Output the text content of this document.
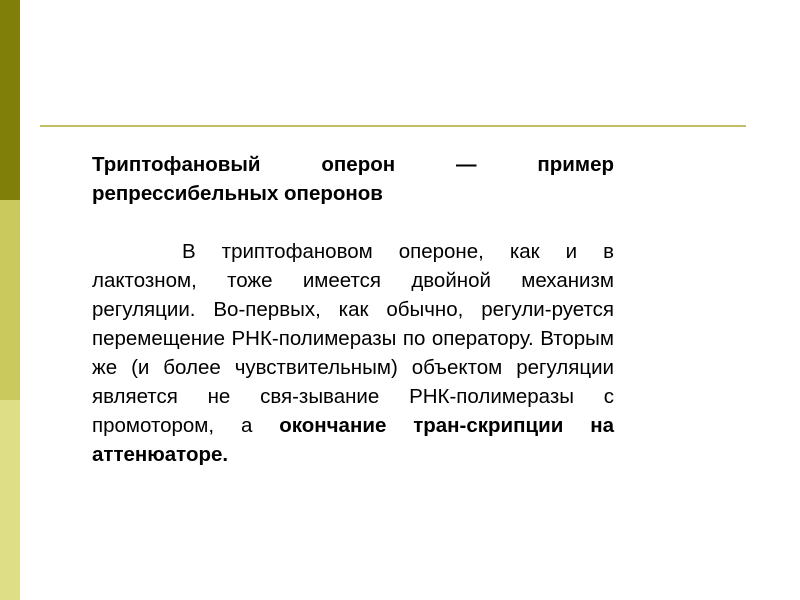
Триптофановый оперон — пример репрессибельных оперонов

В триптофановом опероне, как и в лактозном, тоже имеется двойной механизм регуляции. Во-первых, как обычно, регули-руется перемещение РНК-полимеразы по оператору. Вторым же (и более чувствительным) объектом регуляции является не свя-зывание РНК-полимеразы с промотором, а окончание тран-скрипции на аттенюаторе.
